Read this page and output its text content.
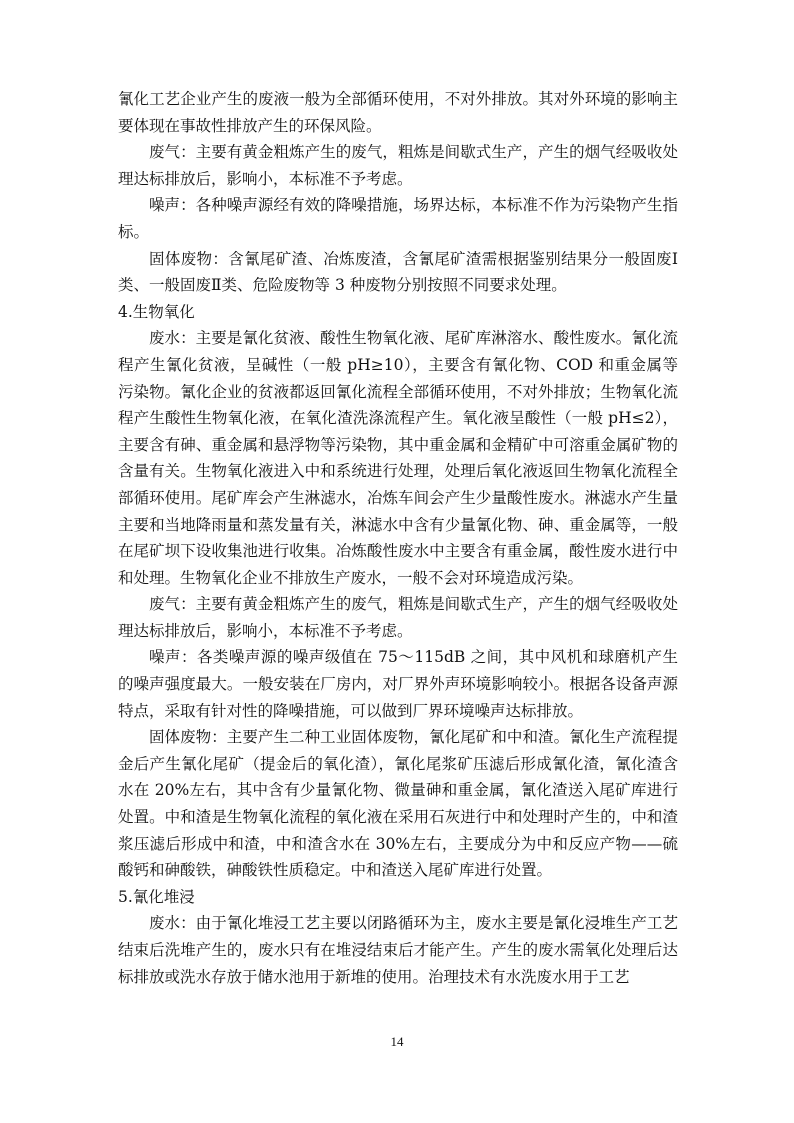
氰化工艺企业产生的废液一般为全部循环使用，不对外排放。其对外环境的影响主要体现在事故性排放产生的环保风险。

废气：主要有黄金粗炼产生的废气，粗炼是间歇式生产，产生的烟气经吸收处理达标排放后，影响小，本标准不予考虑。

噪声：各种噪声源经有效的降噪措施，场界达标，本标准不作为污染物产生指标。

固体废物：含氰尾矿渣、冶炼废渣，含氰尾矿渣需根据鉴别结果分一般固废Ⅰ类、一般固废Ⅱ类、危险废物等 3 种废物分别按照不同要求处理。

4.生物氧化

废水：主要是氰化贫液、酸性生物氧化液、尾矿库淋溶水、酸性废水。氰化流程产生氰化贫液，呈碱性（一般 pH≥10），主要含有氰化物、COD 和重金属等污染物。氰化企业的贫液都返回氰化流程全部循环使用，不对外排放；生物氧化流程产生酸性生物氧化液，在氧化渣洗涤流程产生。氧化液呈酸性（一般 pH≤2），主要含有砷、重金属和悬浮物等污染物，其中重金属和金精矿中可溶重金属矿物的含量有关。生物氧化液进入中和系统进行处理，处理后氧化液返回生物氧化流程全部循环使用。尾矿库会产生淋滤水，冶炼车间会产生少量酸性废水。淋滤水产生量主要和当地降雨量和蒸发量有关，淋滤水中含有少量氰化物、砷、重金属等，一般在尾矿坝下设收集池进行收集。冶炼酸性废水中主要含有重金属，酸性废水进行中和处理。生物氧化企业不排放生产废水，一般不会对环境造成污染。

废气：主要有黄金粗炼产生的废气，粗炼是间歇式生产，产生的烟气经吸收处理达标排放后，影响小，本标准不予考虑。

噪声：各类噪声源的噪声级值在 75～115dB 之间，其中风机和球磨机产生的噪声强度最大。一般安装在厂房内，对厂界外声环境影响较小。根据各设备声源特点，采取有针对性的降噪措施，可以做到厂界环境噪声达标排放。

固体废物：主要产生二种工业固体废物，氰化尾矿和中和渣。氰化生产流程提金后产生氰化尾矿（提金后的氧化渣），氰化尾浆矿压滤后形成氰化渣，氰化渣含水在 20%左右，其中含有少量氰化物、微量砷和重金属，氰化渣送入尾矿库进行处置。中和渣是生物氧化流程的氧化液在采用石灰进行中和处理时产生的，中和渣浆压滤后形成中和渣，中和渣含水在 30%左右，主要成分为中和反应产物——硫酸钙和砷酸铁，砷酸铁性质稳定。中和渣送入尾矿库进行处置。

5.氰化堆浸

废水：由于氰化堆浸工艺主要以闭路循环为主，废水主要是氰化浸堆生产工艺结束后洗堆产生的，废水只有在堆浸结束后才能产生。产生的废水需氧化处理后达标排放或洗水存放于储水池用于新堆的使用。治理技术有水洗废水用于工艺

14
